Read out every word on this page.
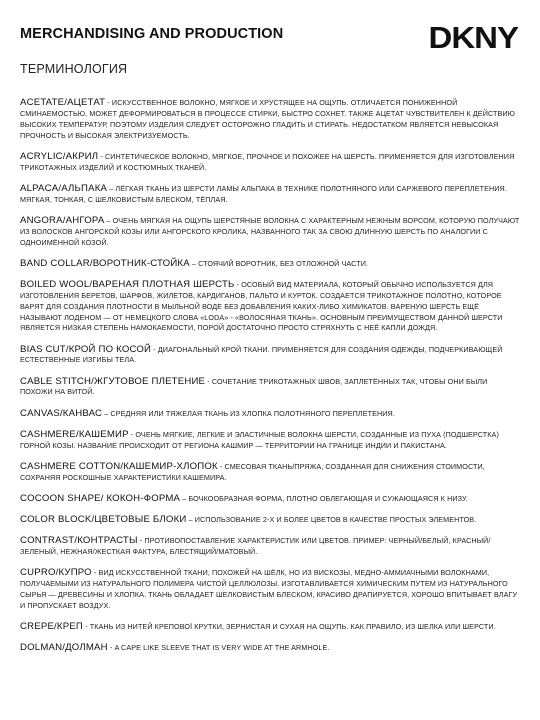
MERCHANDISING AND PRODUCTION	DKNY
ТЕРМИНОЛОГИЯ

ACETATE/АЦЕТАТ - ИСКУССТВЕННОЕ ВОЛОКНО, МЯГКОЕ И ХРУСТЯЩЕЕ НА ОЩУПЬ. ОТЛИЧАЕТСЯ ПОНИЖЕННОЙ СМИНАЕМОСТЬЮ, МОЖЕТ ДЕФОРМИРОВАТЬСЯ В ПРОЦЕССЕ СТИРКИ, БЫСТРО СОХНЕТ. ТАКЖЕ АЦЕТАТ ЧУВСТВИТЕЛЕН К ДЕЙСТВИЮ ВЫСОКИХ ТЕМПЕРАТУР, ПОЭТОМУ ИЗДЕЛИЯ СЛЕДУЕТ ОСТОРОЖНО ГЛАДИТЬ И СТИРАТЬ. НЕДОСТАТКОМ ЯВЛЯЕТСЯ НЕВЫСОКАЯ ПРОЧНОСТЬ И ВЫСОКАЯ ЭЛЕКТРИЗУЕМОСТЬ.

ACRYLIC/АКРИЛ - СИНТЕТИЧЕСКОЕ ВОЛОКНО, МЯГКОЕ, ПРОЧНОЕ И ПОХОЖЕЕ НА ШЕРСТЬ. ПРИМЕНЯЕТСЯ ДЛЯ ИЗГОТОВЛЕНИЯ ТРИКОТАЖНЫХ ИЗДЕЛИЙ И КОСТЮМНЫХ ТКАНЕЙ.

ALPACA/АЛЬПАКА – ЛЁГКАЯ ТКАНЬ ИЗ ШЕРСТИ ЛАМЫ АЛЬПАКА В ТЕХНИКЕ ПОЛОТНЯНОГО ИЛИ САРЖЕВОГО ПЕРЕПЛЕТЕНИЯ. МЯГКАЯ, ТОНКАЯ, С ШЕЛКОВИСТЫМ БЛЕСКОМ, ТЁПЛАЯ.

ANGORA/АНГОРА – ОЧЕНЬ МЯГКАЯ НА ОЩУПЬ ШЕРСТЯНЫЕ ВОЛОКНА С ХАРАКТЕРНЫМ НЕЖНЫМ ВОРСОМ, КОТОРУЮ ПОЛУЧАЮТ ИЗ ВОЛОСКОВ АНГОРСКОЙ КОЗЫ ИЛИ АНГОРСКОГО КРОЛИКА, НАЗВАННОГО ТАК ЗА СВОЮ ДЛИННУЮ ШЕРСТЬ ПО АНАЛОГИИ С ОДНОИМЁННОЙ КОЗОЙ.

BAND COLLAR/ВОРОТНИК-СТОЙКА – СТОЯЧИЙ ВОРОТНИК, БЕЗ ОТЛОЖНОЙ ЧАСТИ.

BOILED WOOL/ВАРЕНАЯ ПЛОТНАЯ ШЕРСТЬ - ОСОБЫЙ ВИД МАТЕРИАЛА, КОТОРЫЙ ОБЫЧНО ИСПОЛЬЗУЕТСЯ ДЛЯ ИЗГОТОВЛЕНИЯ БЕРЕТОВ, ШАРФОВ, ЖИЛЕТОВ, КАРДИГАНОВ, ПАЛЬТО И КУРТОК. СОЗДАЕТСЯ ТРИКОТАЖНОЕ ПОЛОТНО, КОТОРОЕ ВАРЯТ ДЛЯ СОЗДАНИЯ ПЛОТНОСТИ В МЫЛЬНОЙ ВОДЕ БЕЗ ДОБАВЛЕНИЯ КАКИХ-ЛИБО ХИМИКАТОВ. ВАРЕНУЮ ШЕРСТЬ ЕЩЁ НАЗЫВАЮТ ЛОДЕНОМ — ОТ НЕМЕЦКОГО СЛОВА «LODA» - «ВОЛОСЯНАЯ ТКАНЬ». ОСНОВНЫМ ПРЕИМУЩЕСТВОМ ДАННОЙ ШЕРСТИ ЯВЛЯЕТСЯ НИЗКАЯ СТЕПЕНЬ НАМОКАЕМОСТИ, ПОРОЙ ДОСТАТОЧНО ПРОСТО СТРЯХНУТЬ С НЕЁ КАПЛИ ДОЖДЯ.

BIAS CUT/КРОЙ ПО КОСОЙ - ДИАГОНАЛЬНЫЙ КРОЙ ТКАНИ. ПРИМЕНЯЕТСЯ ДЛЯ СОЗДАНИЯ ОДЕЖДЫ, ПОДЧЕРКИВАЮЩЕЙ ЕСТЕСТВЕННЫЕ ИЗГИБЫ ТЕЛА.

CABLE STITCH/ЖГУТОВОЕ ПЛЕТЕНИЕ - СОЧЕТАНИЕ ТРИКОТАЖНЫХ ШВОВ, ЗАПЛЕТЁННЫХ ТАК, ЧТОБЫ ОНИ БЫЛИ ПОХОЖИ НА ВИТОЙ.

CANVAS/КАНВАС – СРЕДНЯЯ ИЛИ ТЯЖЕЛАЯ ТКАНЬ ИЗ ХЛОПКА ПОЛОТНЯНОГО ПЕРЕПЛЕТЕНИЯ.

CASHMERE/КАШЕМИР - ОЧЕНЬ МЯГКИЕ, ЛЕГКИЕ И ЭЛАСТИЧНЫЕ ВОЛОКНА ШЕРСТИ, СОЗДАННЫЕ ИЗ ПУХА (ПОДШЕРСТКА) ГОРНОЙ КОЗЫ. НАЗВАНИЕ ПРОИСХОДИТ ОТ РЕГИОНА КАШМИР — ТЕРРИТОРИИ НА ГРАНИЦЕ ИНДИИ И ПАКИСТАНА.

CASHMERE COTTON/КАШЕМИР-ХЛОПОК - СМЕСОВАЯ ТКАНЬ/ПРЯЖА, СОЗДАННАЯ ДЛЯ СНИЖЕНИЯ СТОИМОСТИ, СОХРАНЯЯ РОСКОШНЫЕ ХАРАКТЕРИСТИКИ КАШЕМИРА.

COCOON SHAPE/ КОКОН-ФОРМА – БОЧКООБРАЗНАЯ ФОРМА, ПЛОТНО ОБЛЕГАЮЩАЯ И СУЖАЮЩАЯСЯ К НИЗУ.

COLOR BLOCK/ЦВЕТОВЫЕ БЛОКИ – ИСПОЛЬЗОВАНИЕ 2-Х И БОЛЕЕ ЦВЕТОВ В КАЧЕСТВЕ ПРОСТЫХ ЭЛЕМЕНТОВ.

CONTRAST/КОНТРАСТЫ - ПРОТИВОПОСТАВЛЕНИЕ ХАРАКТЕРИСТИК ИЛИ ЦВЕТОВ. ПРИМЕР: ЧЕРНЫЙ/БЕЛЫЙ, КРАСНЫЙ/ЗЕЛЕНЫЙ, НЕЖНАЯ/ЖЕСТКАЯ ФАКТУРА, БЛЕСТЯЩИЙ/МАТОВЫЙ.

CUPRO/КУПРО - ВИД ИСКУССТВЕННОЙ ТКАНИ, ПОХОЖЕЙ НА ШЁЛК, НО ИЗ ВИСКОЗЫ, МЕДНО-АММИАЧНЫМИ ВОЛОКНАМИ, ПОЛУЧАЕМЫМИ ИЗ НАТУРАЛЬНОГО ПОЛИМЕРА ЧИСТОЙ ЦЕЛЛЮЛОЗЫ. ИЗГОТАВЛИВАЕТСЯ ХИМИЧЕСКИМ ПУТЕМ ИЗ НАТУРАЛЬНОГО СЫРЬЯ — ДРЕВЕСИНЫ И ХЛОПКА. ТКАНЬ ОБЛАДАЕТ ШЕЛКОВИСТЫМ БЛЕСКОМ, КРАСИВО ДРАПИРУЕТСЯ, ХОРОШО ВПИТЫВАЕТ ВЛАГУ И ПРОПУСКАЕТ ВОЗДУХ.

CREPE/КРЕП - ТКАНЬ ИЗ НИТЕЙ КРЕПОВОЇ КРУТКИ, ЗЕРНИСТАЯ И СУХАЯ НА ОЩУПЬ. КАК ПРАВИЛО, ИЗ ШЕЛКА ИЛИ ШЕРСТИ.

DOLMAN/ДОЛМАН - A CAPE LIKE SLEEVE THAT IS VERY WIDE AT THE ARMHOLE.
